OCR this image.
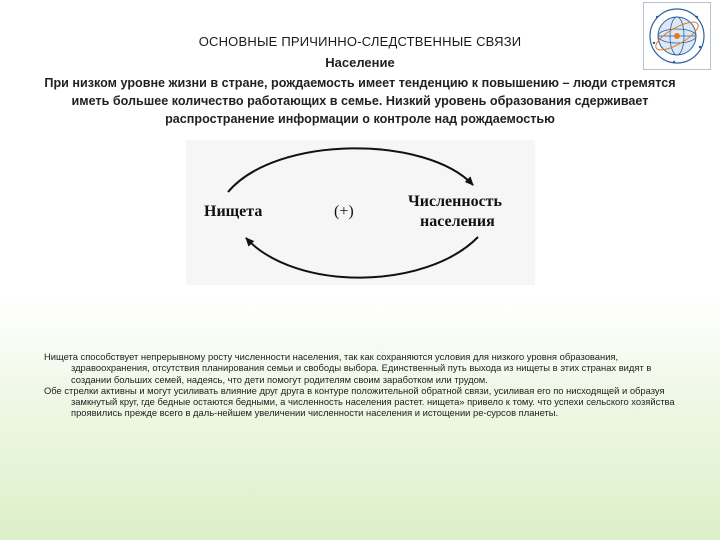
ОСНОВНЫЕ ПРИЧИННО-СЛЕДСТВЕННЫЕ СВЯЗИ
Население
При низком уровне жизни в стране, рождаемость имеет тенденцию к повышению – люди стремятся иметь большее количество работающих в семье. Низкий уровень образования сдерживает распространение информации о контроле над рождаемостью
Нищета	(+)
Численность
населения

Нищета способствует непрерывному росту численности населения, так как сохраняются условия для низкого уровня образования, здравоохранения, отсутствия планирования семьи и свободы выбора. Единственный путь выхода из нищеты в этих странах видят в создании больших семей, надеясь, что дети помогут родителям своим заработком или трудом.

Обе стрелки активны и могут усиливать влияние друг друга в контуре положительной обратной связи, усиливая его по нисходящей и образуя замкнутый круг, где бедные остаются бедными, а численность населения растет. нищета» привело к тому. что успехи сельского хозяйства проявились прежде всего в даль-нейшем увеличении численности населения и истощении ре-сурсов планеты.
